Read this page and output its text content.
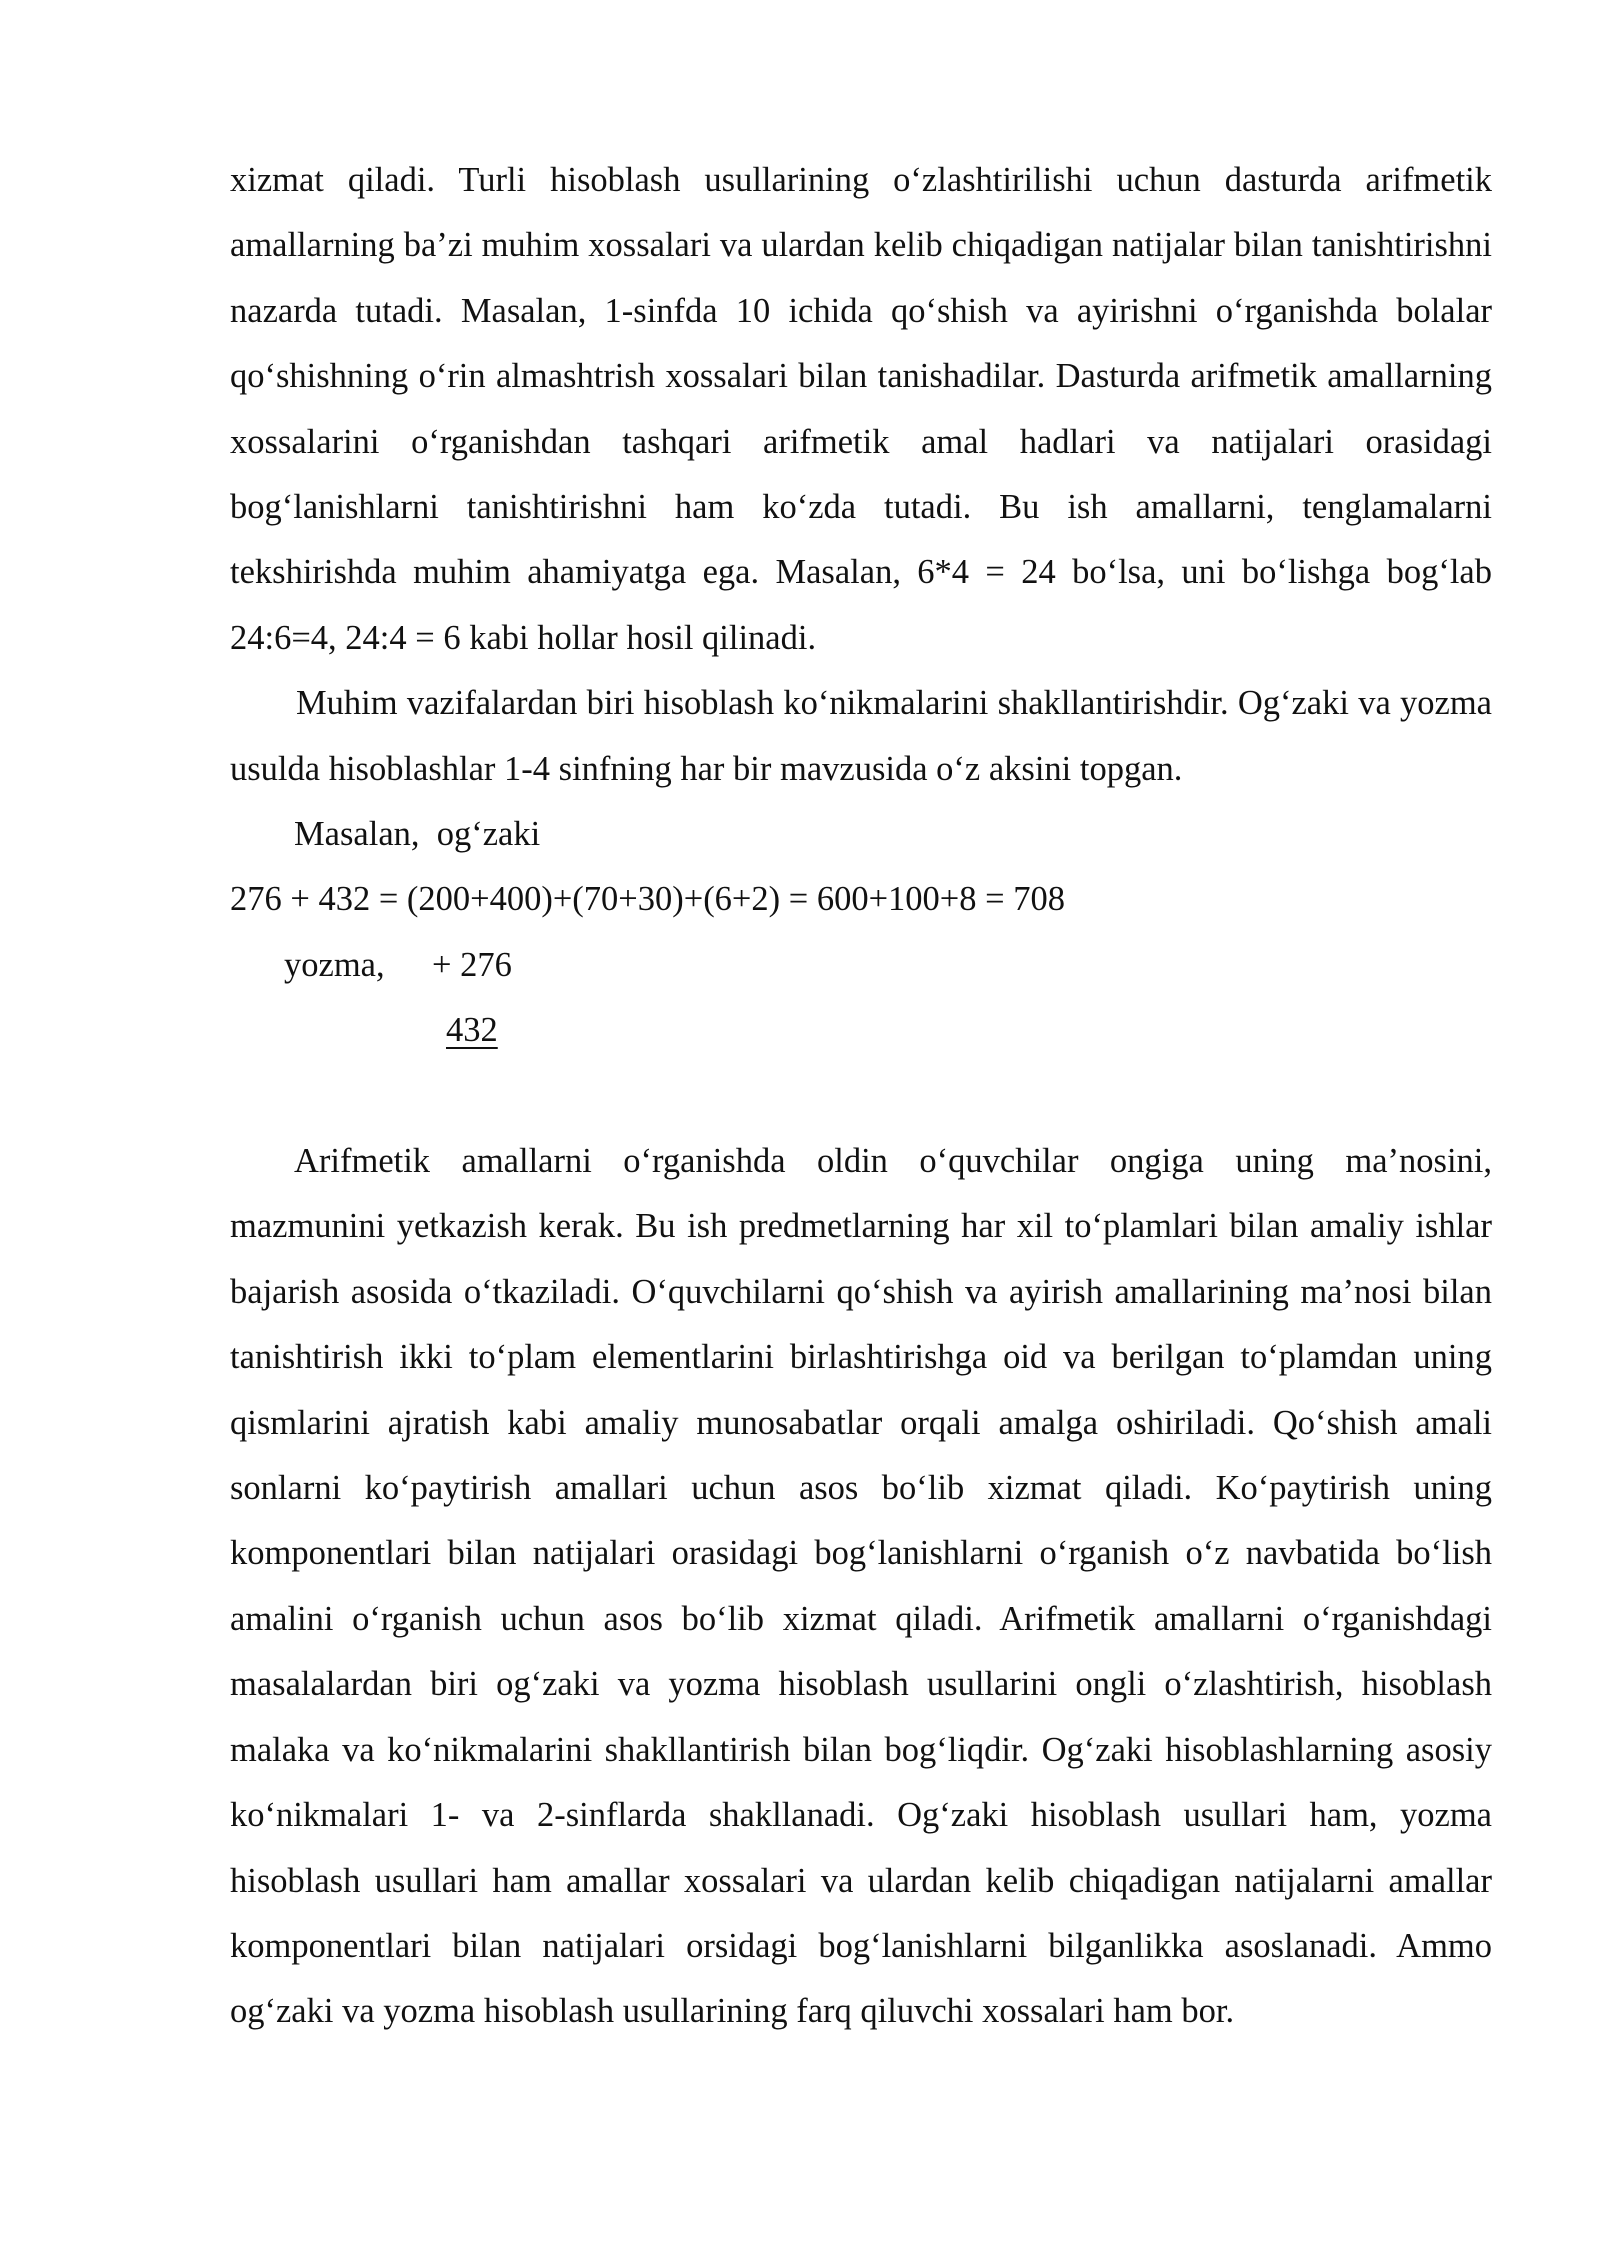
xizmat qiladi. Turli hisoblash usullarining o‘zlashtirilishi uchun dasturda arifmetik amallarning ba’zi muhim xossalari va ulardan kelib chiqadigan natijalar bilan tanishtirishni nazarda tutadi. Masalan, 1-sinfda 10 ichida qo‘shish va ayirishni o‘rganishda bolalar qo‘shishning o‘rin almashtrish xossalari bilan tanishadilar. Dasturda arifmetik amallarning xossalarini o‘rganishdan tashqari arifmetik amal hadlari va natijalari orasidagi bog‘lanishlarni tanishtirishni ham ko‘zda tutadi. Bu ish amallarni, tenglamalarni tekshirishda muhim ahamiyatga ega. Masalan, 6*4 = 24 bo‘lsa, uni bo‘lishga bog‘lab 24:6=4, 24:4 = 6 kabi hollar hosil qilinadi.

Muhim vazifalardan biri hisoblash ko‘nikmalarini shakllantirishdir. Og‘zaki va yozma usulda hisoblashlar 1-4 sinfning har bir mavzusida o‘z aksini topgan.

Masalan,  og‘zaki

276 + 432 = (200+400)+(70+30)+(6+2) = 600+100+8 = 708

yozma,

+ 276

432

Arifmetik amallarni o‘rganishda oldin o‘quvchilar ongiga uning ma’nosini, mazmunini yetkazish kerak. Bu ish predmetlarning har xil to‘plamlari bilan amaliy ishlar bajarish asosida o‘tkaziladi. O‘quvchilarni qo‘shish va ayirish amallarining ma’nosi bilan tanishtirish ikki to‘plam elementlarini birlashtirishga oid va berilgan to‘plamdan uning qismlarini ajratish kabi amaliy munosabatlar orqali amalga oshiriladi. Qo‘shish amali sonlarni ko‘paytirish amallari uchun asos bo‘lib xizmat qiladi. Ko‘paytirish uning komponentlari bilan natijalari orasidagi bog‘lanishlarni o‘rganish o‘z navbatida bo‘lish amalini o‘rganish uchun asos bo‘lib xizmat qiladi. Arifmetik amallarni o‘rganishdagi masalalardan biri og‘zaki va yozma hisoblash usullarini ongli o‘zlashtirish, hisoblash malaka va ko‘nikmalarini shakllantirish bilan bog‘liqdir. Og‘zaki hisoblashlarning asosiy ko‘nikmalari 1- va 2-sinflarda shakllanadi. Og‘zaki hisoblash usullari ham, yozma hisoblash usullari ham amallar xossalari va ulardan kelib chiqadigan natijalarni amallar komponentlari bilan natijalari orsidagi bog‘lanishlarni bilganlikka asoslanadi. Ammo og‘zaki va yozma hisoblash usullarining farq qiluvchi xossalari ham bor.
